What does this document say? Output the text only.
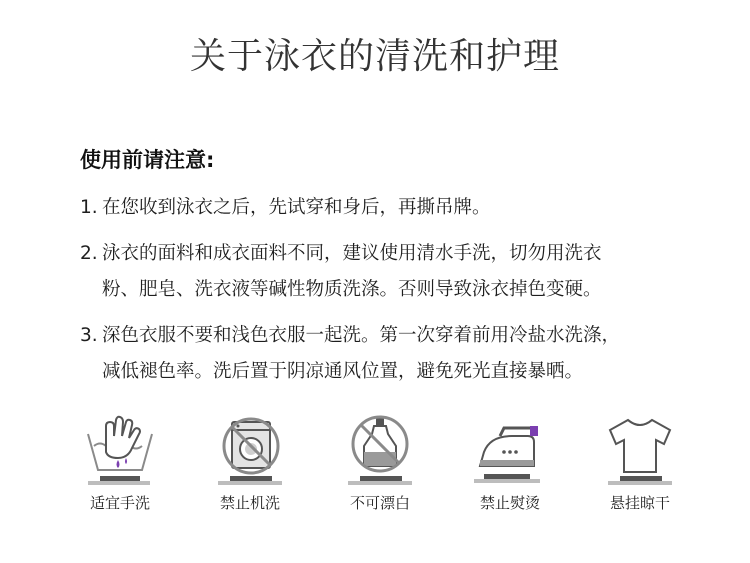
关于泳衣的清洗和护理
使用前请注意:
1. 在您收到泳衣之后，先试穿和身后，再撕吊牌。
2. 泳衣的面料和成衣面料不同，建议使用清水手洗，切勿用洗衣
粉、肥皂、洗衣液等碱性物质洗涤。否则导致泳衣掉色变硬。
3. 深色衣服不要和浅色衣服一起洗。第一次穿着前用冷盐水洗涤，
减低褪色率。洗后置于阴凉通风位置，避免死光直接暴晒。
适宜手洗	禁止机洗	不可漂白	禁止熨烫	悬挂晾干
